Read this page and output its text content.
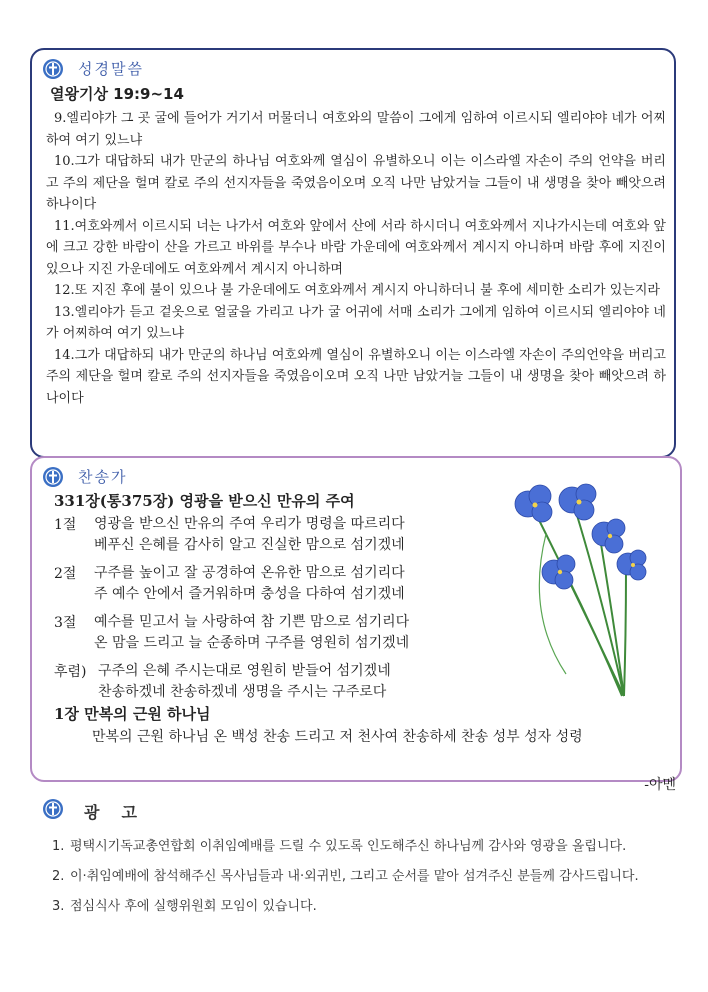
성경말씀
열왕기상 19:9~14

9.엘리야가 그 곳 굴에 들어가 거기서 머물더니 여호와의 말씀이 그에게 임하여 이르시되 엘리야야 네가 어찌하여 여기 있느냐

10.그가 대답하되 내가 만군의 하나님 여호와께 열심이 유별하오니 이는 이스라엘 자손이 주의 언약을 버리고 주의 제단을 헐며 칼로 주의 선지자들을 죽였음이오며 오직 나만 남았거늘 그들이 내 생명을 찾아 빼앗으려 하나이다

11.여호와께서 이르시되 너는 나가서 여호와 앞에서 산에 서라 하시더니 여호와께서 지나가시는데 여호와 앞에 크고 강한 바람이 산을 가르고 바위를 부수나 바람 가운데에 여호와께서 계시지 아니하며 바람 후에 지진이 있으나 지진 가운데에도 여호와께서 계시지 아니하며

12.또 지진 후에 불이 있으나 불 가운데에도 여호와께서 계시지 아니하더니 불 후에 세미한 소리가 있는지라

13.엘리야가 듣고 겉옷으로 얼굴을 가리고 나가 굴 어귀에 서매 소리가 그에게 임하여 이르시되 엘리야야 네가 어찌하여 여기 있느냐

14.그가 대답하되 내가 만군의 하나님 여호와께 열심이 유별하오니 이는 이스라엘 자손이 주의언약을 버리고 주의 제단을 헐며 칼로 주의 선지자들을 죽였음이오며 오직 나만 남았거늘 그들이 내 생명을 찾아 빼앗으려 하나이다

찬송가
331장(통375장) 영광을 받으신 만유의 주여
1절	영광을 받으신 만유의 주여 우리가 명령을 따르리다
베푸신 은혜를 감사히 알고 진실한 맘으로 섬기겠네
2절	구주를 높이고 잘 공경하여 온유한 맘으로 섬기리다
주 예수 안에서 즐거워하며 충성을 다하여 섬기겠네
3절	예수를 믿고서 늘 사랑하여 참 기쁜 맘으로 섬기리다
온 맘을 드리고 늘 순종하며 구주를 영원히 섬기겠네
후렴) 구주의 은혜 주시는대로 영원히 받들어 섬기겠네
찬송하겠네 찬송하겠네 생명을 주시는 구주로다
1장 만복의 근원 하나님
만복의 근원 하나님 온 백성 찬송 드리고 저 천사여 찬송하세 찬송 성부 성자 성령
-아멘
광고
1. 평택시기독교총연합회 이취임예배를 드릴 수 있도록 인도해주신 하나님께 감사와 영광을 올립니다.
2. 이·취임예배에 참석해주신 목사님들과 내·외귀빈, 그리고 순서를 맡아 섬겨주신 분들께 감사드립니다.
3. 점심식사 후에 실행위원회 모임이 있습니다.
